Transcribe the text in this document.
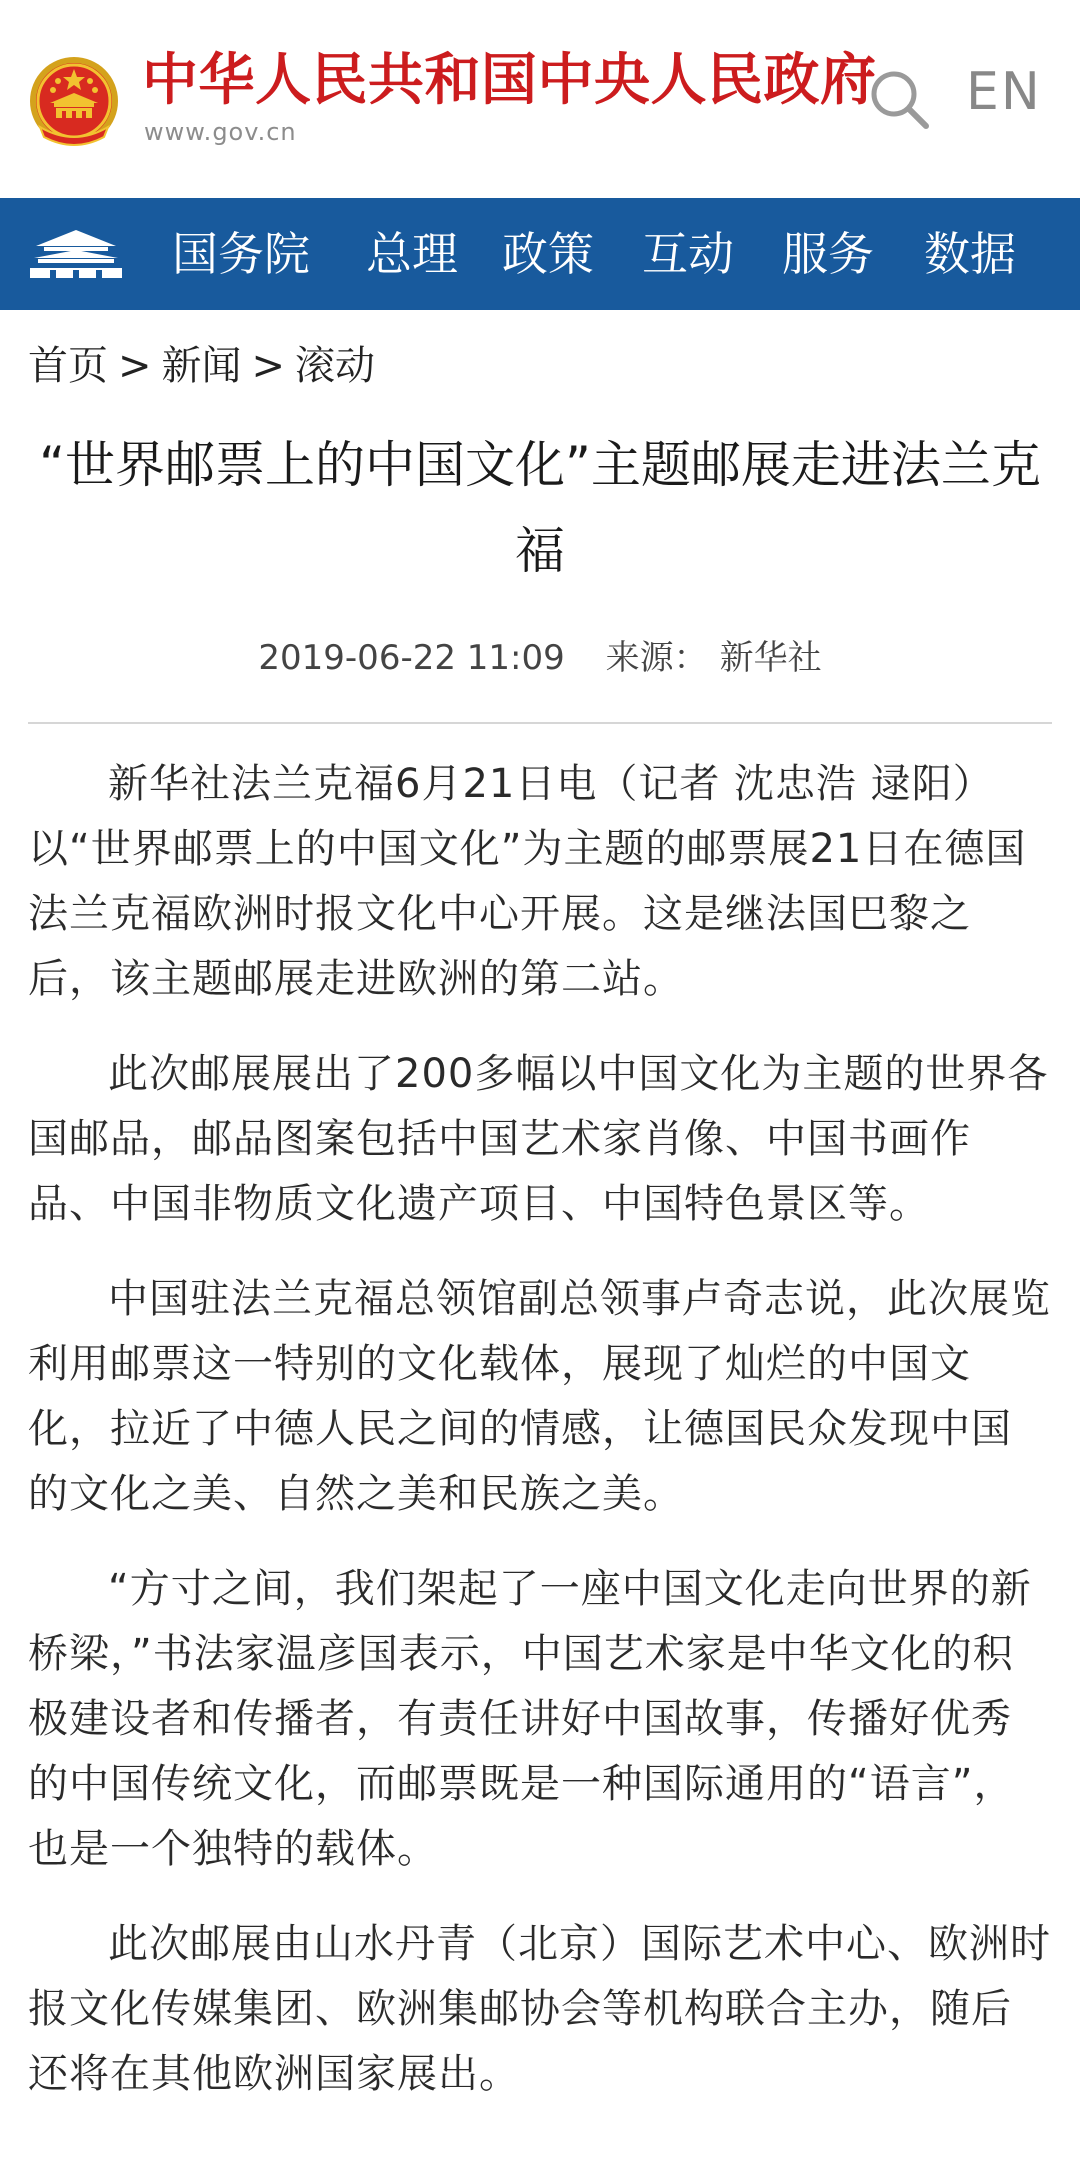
中华人民共和国中央人民政府
www.gov.cn
EN
国务院 总理 政策 互动 服务 数据
首页 > 新闻 > 滚动
“世界邮票上的中国文化”主题邮展走进法兰克福
2019-06-22 11:09 来源： 新华社

新华社法兰克福6月21日电（记者 沈忠浩 逯阳）以“世界邮票上的中国文化”为主题的邮票展21日在德国法兰克福欧洲时报文化中心开展。这是继法国巴黎之后，该主题邮展走进欧洲的第二站。

此次邮展展出了200多幅以中国文化为主题的世界各国邮品，邮品图案包括中国艺术家肖像、中国书画作品、中国非物质文化遗产项目、中国特色景区等。

中国驻法兰克福总领馆副总领事卢奇志说，此次展览利用邮票这一特别的文化载体，展现了灿烂的中国文化，拉近了中德人民之间的情感，让德国民众发现中国的文化之美、自然之美和民族之美。

“方寸之间，我们架起了一座中国文化走向世界的新桥梁，”书法家温彦国表示，中国艺术家是中华文化的积极建设者和传播者，有责任讲好中国故事，传播好优秀的中国传统文化，而邮票既是一种国际通用的“语言”，也是一个独特的载体。

此次邮展由山水丹青（北京）国际艺术中心、欧洲时报文化传媒集团、欧洲集邮协会等机构联合主办，随后还将在其他欧洲国家展出。
